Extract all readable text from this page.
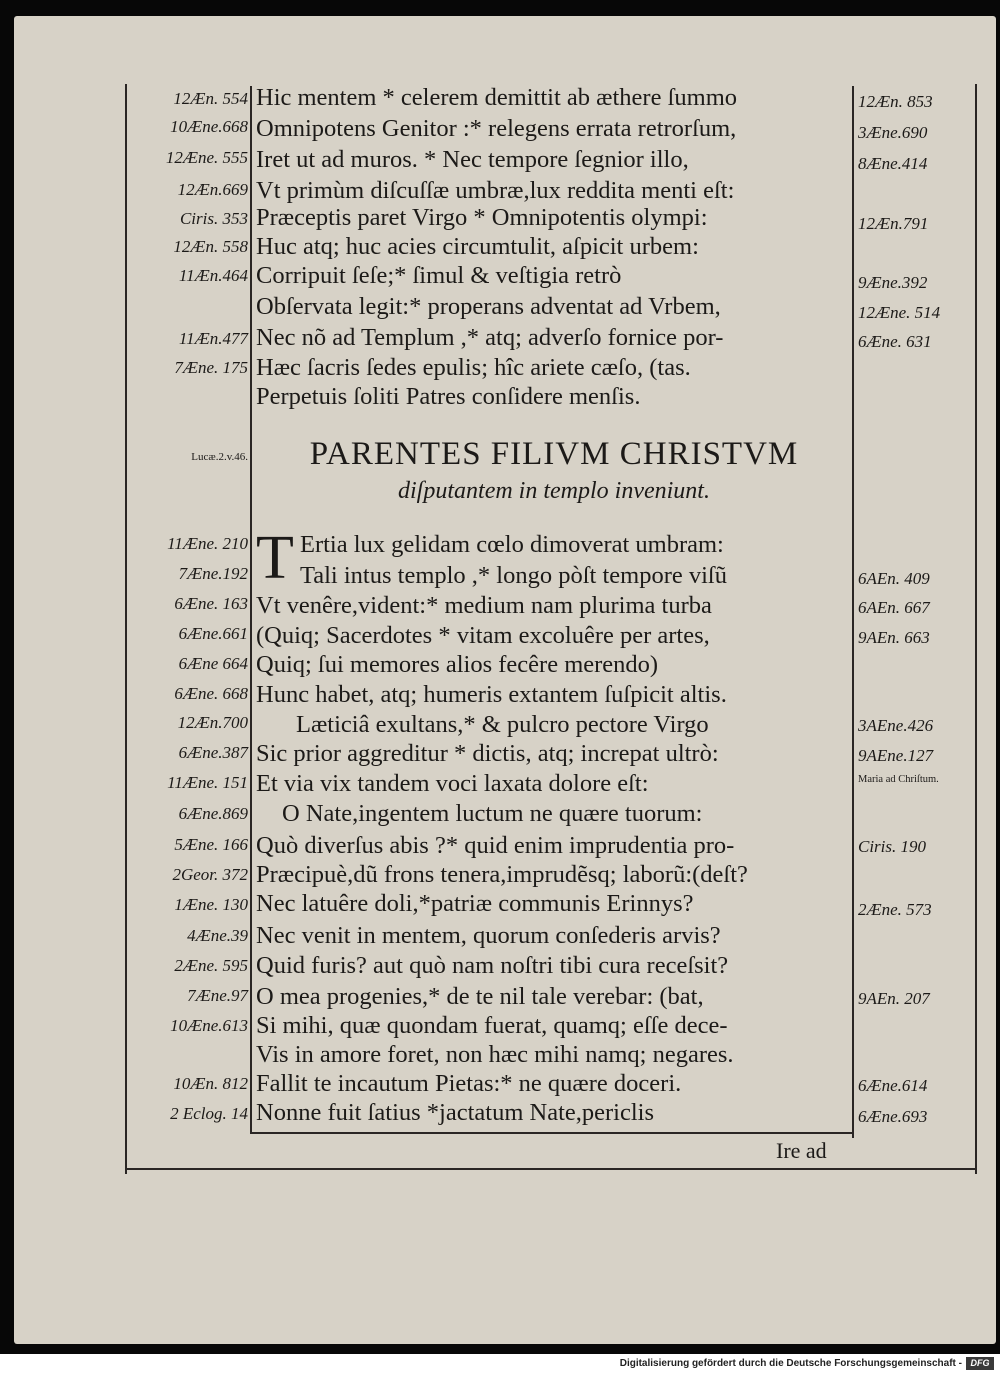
Hic mentem * celerem demittit ab æthere ſummo
Omnipotens Genitor :* relegens errata retrorſum,
Iret ut ad muros. * Nec tempore ſegnior illo,
Vt primùm diſcuſſæ umbræ,lux reddita menti eſt:
Præceptis paret Virgo * Omnipotentis olympi:
Huc atq; huc acies circumtulit, aſpicit urbem:
Corripuit ſeſe;* ſimul & veſtigia retrò
Obſervata legit:* properans adventat ad Vrbem,
Nec nõ ad Templum ,* atq; adverſo fornice por-
Hæc ſacris ſedes epulis; hîc ariete cæſo, (tas.
Perpetuis ſoliti Patres conſidere menſis.
PARENTES FILIVM CHRISTVM
diſputantem in templo inveniunt.
T Ertia lux gelidam cœlo dimoverat umbram:
Tali intus templo ,* longo pòſt tempore viſũ
Vt venêre,vident:* medium nam plurima turba
(Quiq; Sacerdotes * vitam excoluêre per artes,
Quiq; ſui memores alios fecêre merendo)
Hunc habet, atq; humeris extantem ſuſpicit altis.
Læticiâ exultans,* & pulcro pectore Virgo
Sic prior aggreditur * dictis, atq; increpat ultrò:
Et via vix tandem voci laxata dolore eſt:
O Nate,ingentem luctum ne quære tuorum:
Quò diverſus abis ?* quid enim imprudentia pro-
Præcipuè,dũ frons tenera,imprudẽsq; laborũ:(deſt?
Nec latuêre doli,*patriæ communis Erinnys?
Nec venit in mentem, quorum conſederis arvis?
Quid furis? aut quò nam noſtri tibi cura receſsit?
O mea progenies,* de te nil tale verebar: (bat,
Si mihi, quæ quondam fuerat, quamq; eſſe dece-
Vis in amore foret, non hæc mihi namq; negares.
Fallit te incautum Pietas:* ne quære doceri.
Nonne fuit ſatius *jactatum Nate,periclis
12Æn. 554
10Æne.668
12Æne. 555
12Æn.669
Ciris. 353
12Æn. 558
11Æn.464
11Æn.477
7Æne. 175
Lucæ.2.v.46.
11Æne. 210
7Æne.192
6Æne. 163
6Æne.661
6Æne 664
6Æne. 668
12Æn.700
6Æne.387
11Æne. 151
6Æne.869
5Æne. 166
2Geor. 372
1Æne. 130
4Æne.39
2Æne. 595
7Æne.97
10Æne.613
10Æn. 812
2 Eclog. 14
12Æn. 853
3Æne.690
8Æne.414
12Æn.791
9Æne.392
12Æne. 514
6Æne. 631
6AEn. 409
6AEn. 667
9AEn. 663
3AEne.426
9AEne.127
Maria ad Chriſtum.
Ciris. 190
2Æne. 573
9AEn. 207
6Æne.614
6Æne.693
Ire ad
Digitalisierung gefördert durch die Deutsche Forschungsgemeinschaft - DFG
